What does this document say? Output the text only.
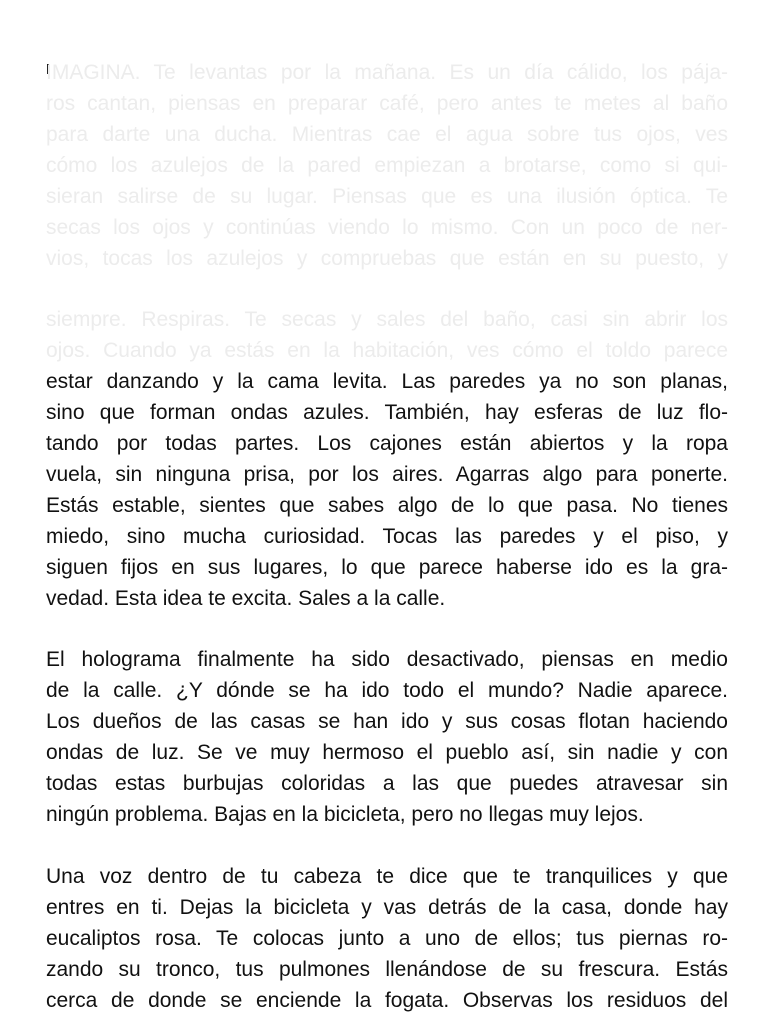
IMAGINA. Te levantas por la mañana. Es un día cálido, los pája-
ros cantan, piensas en preparar café, pero antes te metes al baño
para darte una ducha. Mientras cae el agua sobre tus ojos, ves
cómo los azulejos de la pared empiezan a brotarse, como si qui-
sieran salirse de su lugar. Piensas que es una ilusión óptica. Te
secas los ojos y continúas viendo lo mismo. Con un poco de ner-
vios, tocas los azulejos y compruebas que están en su puesto, y
siempre. Respiras. Te secas y sales del baño, casi sin abrir los
ojos. Cuando ya estás en la habitación, ves cómo el toldo parece
estar danzando y la cama levita. Las paredes ya no son planas,
sino que forman ondas azules. También, hay esferas de luz flo-
tando por todas partes. Los cajones están abiertos y la ropa
vuela, sin ninguna prisa, por los aires. Agarras algo para ponerte.
Estás estable, sientes que sabes algo de lo que pasa. No tienes
miedo, sino mucha curiosidad. Tocas las paredes y el piso, y
siguen fijos en sus lugares, lo que parece haberse ido es la gra-
vedad. Esta idea te excita. Sales a la calle.
El holograma finalmente ha sido desactivado, piensas en medio
de la calle. ¿Y dónde se ha ido todo el mundo? Nadie aparece.
Los dueños de las casas se han ido y sus cosas flotan haciendo
ondas de luz. Se ve muy hermoso el pueblo así, sin nadie y con
todas estas burbujas coloridas a las que puedes atravesar sin
ningún problema. Bajas en la bicicleta, pero no llegas muy lejos.
Una voz dentro de tu cabeza te dice que te tranquilices y que
entres en ti. Dejas la bicicleta y vas detrás de la casa, donde hay
eucaliptos rosa. Te colocas junto a uno de ellos; tus piernas ro-
zando su tronco, tus pulmones llenándose de su frescura. Estás
cerca de donde se enciende la fogata. Observas los residuos del
